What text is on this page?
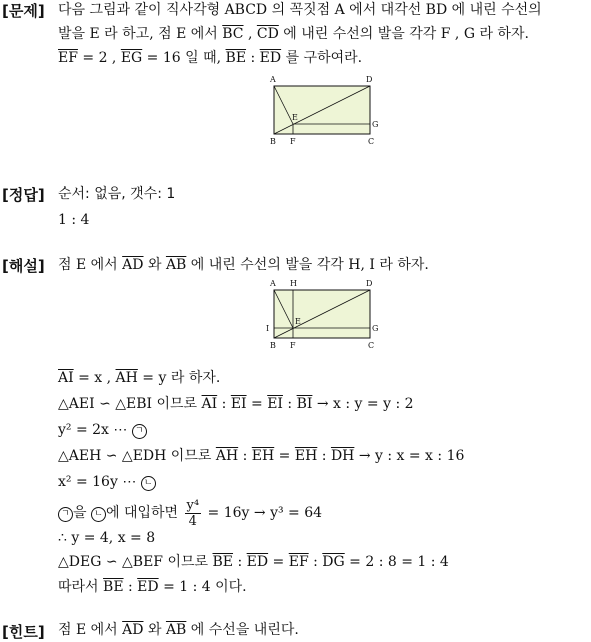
[문제] 다음 그림과 같이 직사각형 ABCD 의 꼭짓점 A 에서 대각선 BD 에 내린 수선의
발을 E 라 하고, 점 E 에서 $\overline{BC}$ , $\overline{CD}$ 에 내린 수선의 발을 각각 F , G 라 하자.
$\overline{EF} = 2$ , $\overline{EG} = 16$ 일 때, $\overline{BE}$ : $\overline{ED}$ 를 구하여라.
A	D
B	C
E
F
G
[정답] 순서: 없음, 갯수: 1
1 : 4
[해설] 점 E 에서 $\overline{AD}$ 와 $\overline{AB}$ 에 내린 수선의 발을 각각 H, I 라 하자.
A H	D
I
E
G
B F	C
$\overline{AI} = x$ , $\overline{AH} = y$ 라 하자.
△AEI ∽ △EBI 이므로 $\overline{AI}$ : $\overline{EI} = \overline{EI}$ : $\overline{BI} \to x$ : y = y : 2
y² = 2x ⋯ ㄱ
△AEH ∽ △EDH 이므로 $\overline{AH}$ : $\overline{EH} = \overline{EH}$ : $\overline{DH} \to y$ : x = x : 16
x² = 16y ⋯ ㄴ
ㄱ 을 ㄴ 에 대입하면 $\frac{\text{y⁴}}{4} = 16y \to y^3 = 64$
∴ y = 4, x = 8
△DEG ∽ △BEF 이므로 $\overline{BE}$ : $\overline{ED} = \overline{EF}$ : $\overline{DG} = 2$ : 8 = 1 : 4
따라서 $\overline{BE}$ : $\overline{ED} = 1$ : 4 이다.
[힌트] 점 E 에서 $\overline{AD}$ 와 $\overline{AB}$ 에 수선을 내린다.
